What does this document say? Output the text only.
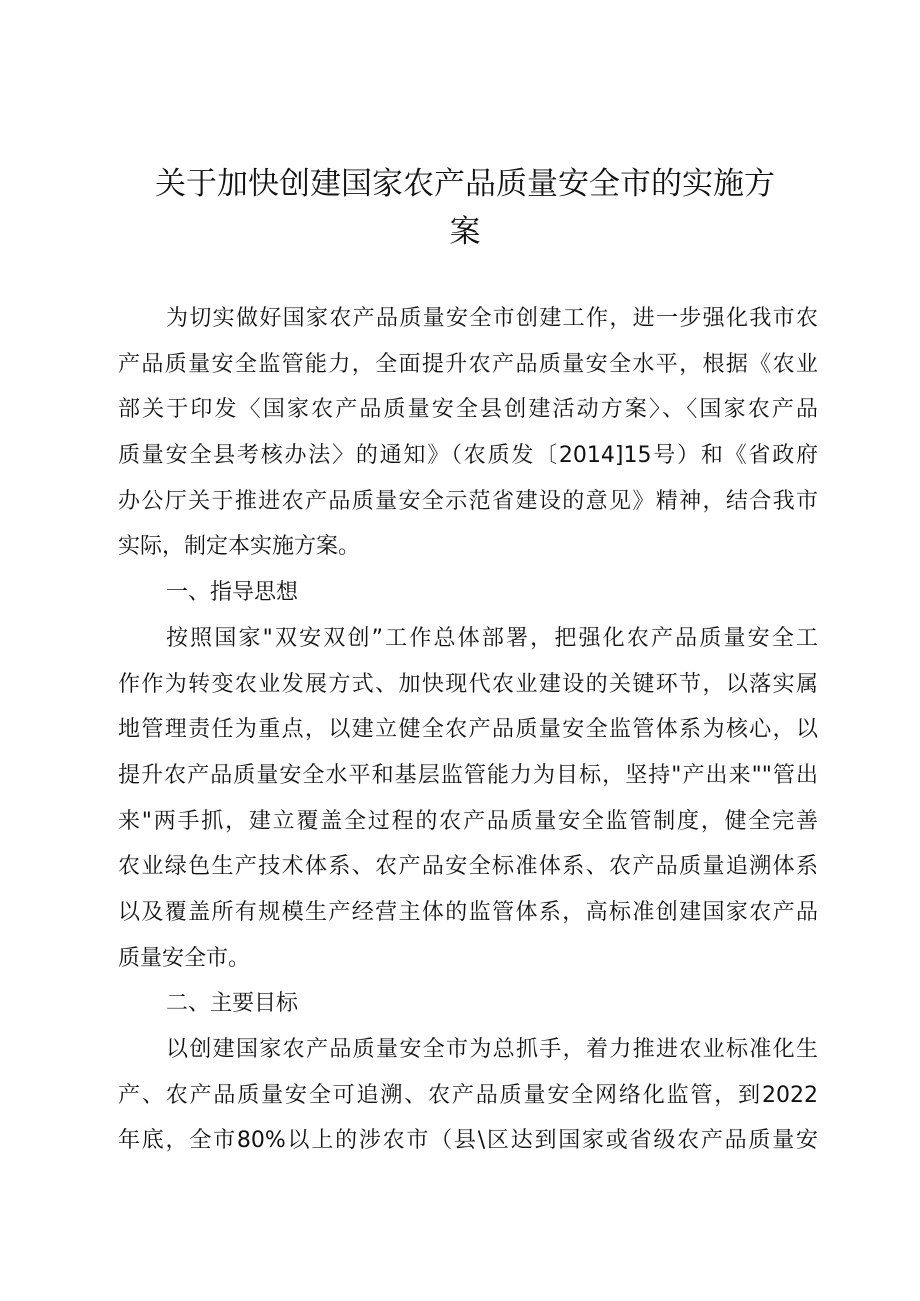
关于加快创建国家农产品质量安全市的实施方
案
为切实做好国家农产品质量安全市创建工作，进一步强化我市农
产品质量安全监管能力，全面提升农产品质量安全水平，根据《农业
部关于印发〈国家农产品质量安全县创建活动方案〉、〈国家农产品
质量安全县考核办法〉的通知》（农质发〔2014]15号）和《省政府
办公厅关于推进农产品质量安全示范省建设的意见》精神，结合我市
实际，制定本实施方案。
一、指导思想
按照国家"双安双创”工作总体部署，把强化农产品质量安全工
作作为转变农业发展方式、加快现代农业建设的关键环节，以落实属
地管理责任为重点，以建立健全农产品质量安全监管体系为核心，以
提升农产品质量安全水平和基层监管能力为目标，坚持"产出来""管出
来"两手抓，建立覆盖全过程的农产品质量安全监管制度，健全完善
农业绿色生产技术体系、农产品安全标准体系、农产品质量追溯体系
以及覆盖所有规模生产经营主体的监管体系，高标准创建国家农产品
质量安全市。
二、主要目标
以创建国家农产品质量安全市为总抓手，着力推进农业标准化生
产、农产品质量安全可追溯、农产品质量安全网络化监管，到2022
年底，全市80%以上的涉农市（县\区达到国家或省级农产品质量安
